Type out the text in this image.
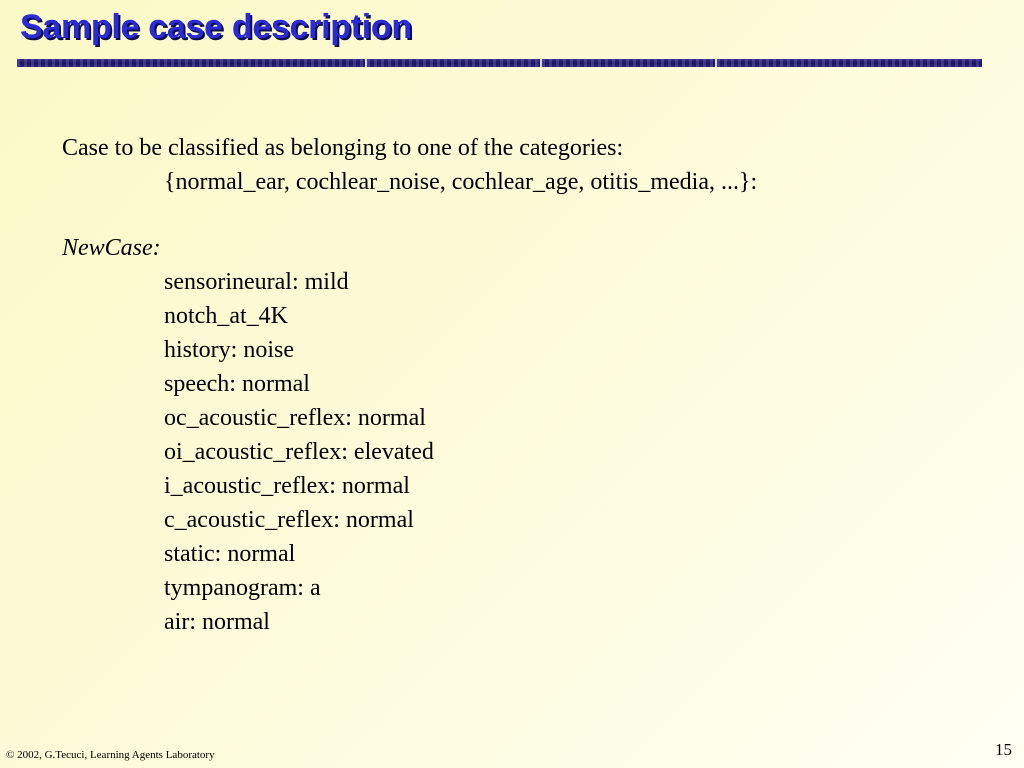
Sample case description
Case to be classified as belonging to one of the categories:
{normal_ear, cochlear_noise, cochlear_age, otitis_media, ...}:
NewCase:
sensorineural: mild
notch_at_4K
history: noise
speech: normal
oc_acoustic_reflex: normal
oi_acoustic_reflex: elevated
i_acoustic_reflex: normal
c_acoustic_reflex: normal
static: normal
tympanogram: a
air: normal
© 2002, G.Tecuci, Learning Agents Laboratory	15
